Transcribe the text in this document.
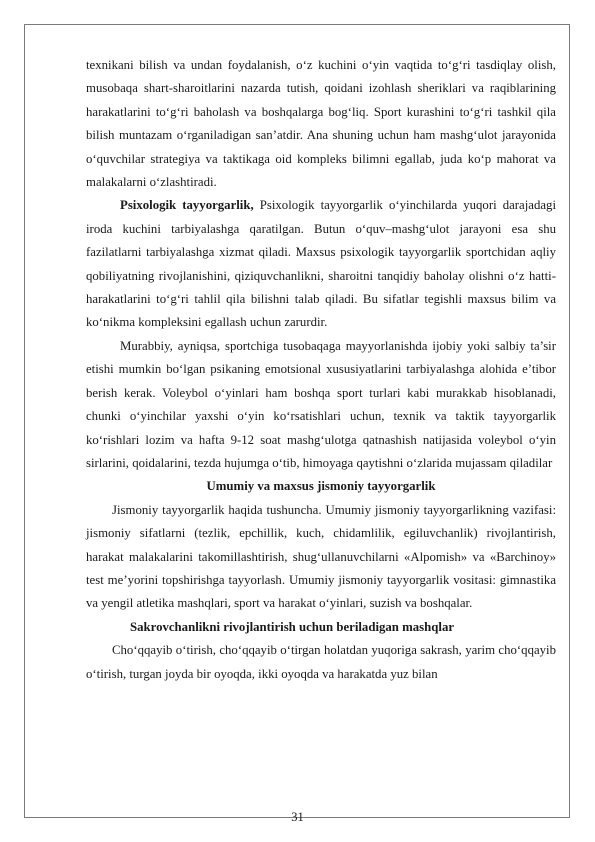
texnikani bilish va undan foydalanish, o‘z kuchini o‘yin vaqtida to‘g‘ri tasdiqlay olish, musobaqa shart-sharoitlarini nazarda tutish, qoidani izohlash sheriklari va raqiblarining harakatlarini to‘g‘ri baholash va boshqalarga bog‘liq. Sport kurashini to‘g‘ri tashkil qila bilish muntazam o‘rganiladigan san’atdir. Ana shuning uchun ham mashg‘ulot jarayonida o‘quvchilar strategiya va taktikaga oid kompleks bilimni egallab, juda ko‘p mahorat va malakalarni o‘zlashtiradi.

Psixologik tayyorgarlik, Psixologik tayyorgarlik o‘yinchilarda yuqori darajadagi iroda kuchini tarbiyalashga qaratilgan. Butun o‘quv–mashg‘ulot jarayoni esa shu fazilatlarni tarbiyalashga xizmat qiladi. Maxsus psixologik tayyorgarlik sportchidan aqliy qobiliyatning rivojlanishini, qiziquvchanlikni, sharoitni tanqidiy baholay olishni o‘z hatti-harakatlarini to‘g‘ri tahlil qila bilishni talab qiladi. Bu sifatlar tegishli maxsus bilim va ko‘nikma kompleksini egallash uchun zarurdir.

Murabbiy, ayniqsa, sportchiga tusobaqaga mayyorlanishda ijobiy yoki salbiy ta’sir etishi mumkin bo‘lgan psikaning emotsional xususiyatlarini tarbiyalashga alohida e’tibor berish kerak. Voleybol o‘yinlari ham boshqa sport turlari kabi murakkab hisoblanadi, chunki o‘yinchilar yaxshi o‘yin ko‘rsatishlari uchun, texnik va taktik tayyorgarlik ko‘rishlari lozim va hafta 9-12 soat mashg‘ulotga qatnashish natijasida voleybol o‘yin sirlarini, qoidalarini, tezda hujumga o‘tib, himoyaga qaytishni o‘zlarida mujassam qiladilar

Umumiy va maxsus jismoniy tayyorgarlik

Jismoniy tayyorgarlik haqida tushuncha. Umumiy jismoniy tayyorgarlikning vazifasi: jismoniy sifatlarni (tezlik, epchillik, kuch, chidamlilik, egiluvchanlik) rivojlantirish, harakat malakalarini takomillashtirish, shug‘ullanuvchilarni «Alpomish» va «Barchinoy» test me’yorini topshirishga tayyorlash. Umumiy jismoniy tayyorgarlik vositasi: gimnastika va yengil atletika mashqlari, sport va harakat o‘yinlari, suzish va boshqalar.

Sakrovchanlikni rivojlantirish uchun beriladigan mashqlar

Cho‘qqayib o‘tirish, cho‘qqayib o‘tirgan holatdan yuqoriga sakrash, yarim cho‘qqayib o‘tirish, turgan joyda bir oyoqda, ikki oyoqda va harakatda yuz bilan

31
